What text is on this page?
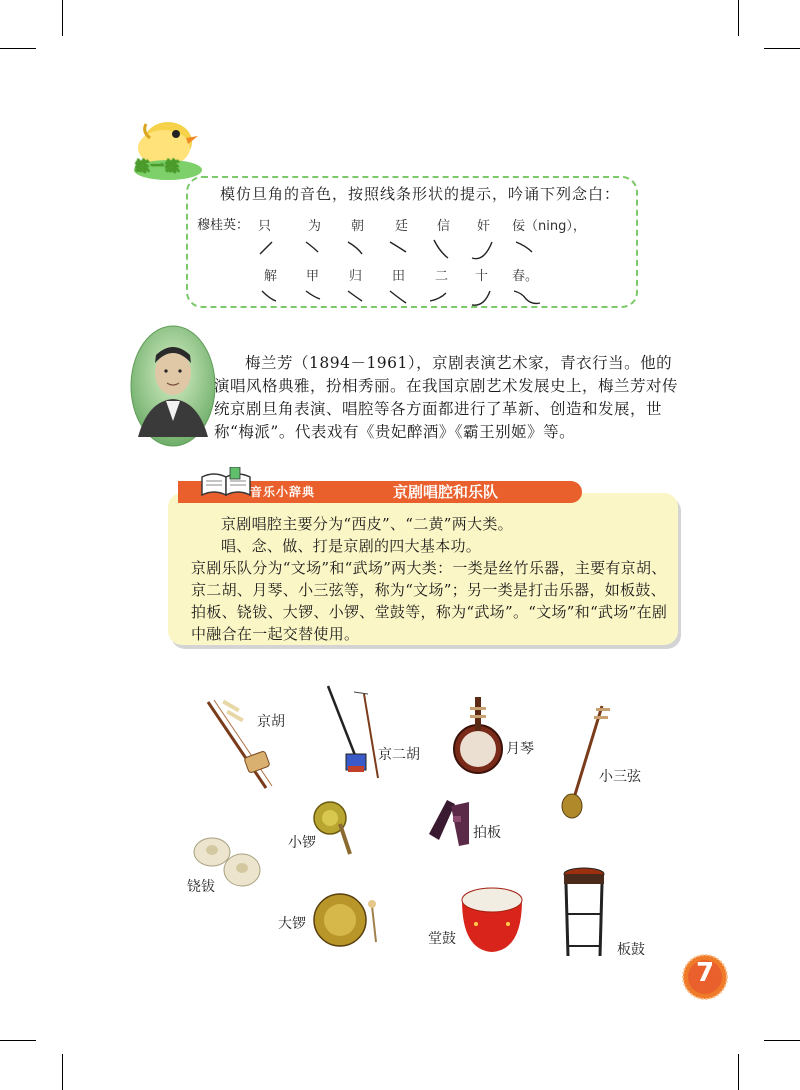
练一练
模仿旦角的音色，按照线条形状的提示，吟诵下列念白：
穆桂英： 只	为 朝 廷 信 奸 佞（ning），
解 甲 归 田 二 十 春。

梅兰芳（1894－1961），京剧表演艺术家，青衣行当。他的演唱风格典雅，扮相秀丽。在我国京剧艺术发展史上，梅兰芳对传统京剧旦角表演、唱腔等各方面都进行了革新、创造和发展，世称“梅派”。代表戏有《贵妃醉酒》《霸王别姬》等。

音乐小辞典	京剧唱腔和乐队

京剧唱腔主要分为“西皮”、“二黄”两大类。

唱、念、做、打是京剧的四大基本功。

京剧乐队分为“文场”和“武场”两大类：一类是丝竹乐器，主要有京胡、京二胡、月琴、小三弦等，称为“文场”；另一类是打击乐器，如板鼓、拍板、铙钹、大锣、小锣、堂鼓等，称为“武场”。“文场”和“武场”在剧中融合在一起交替使用。

京胡
京二胡	月琴
小三弦
小锣
拍板
铙钹
大锣
堂鼓
板鼓
7
